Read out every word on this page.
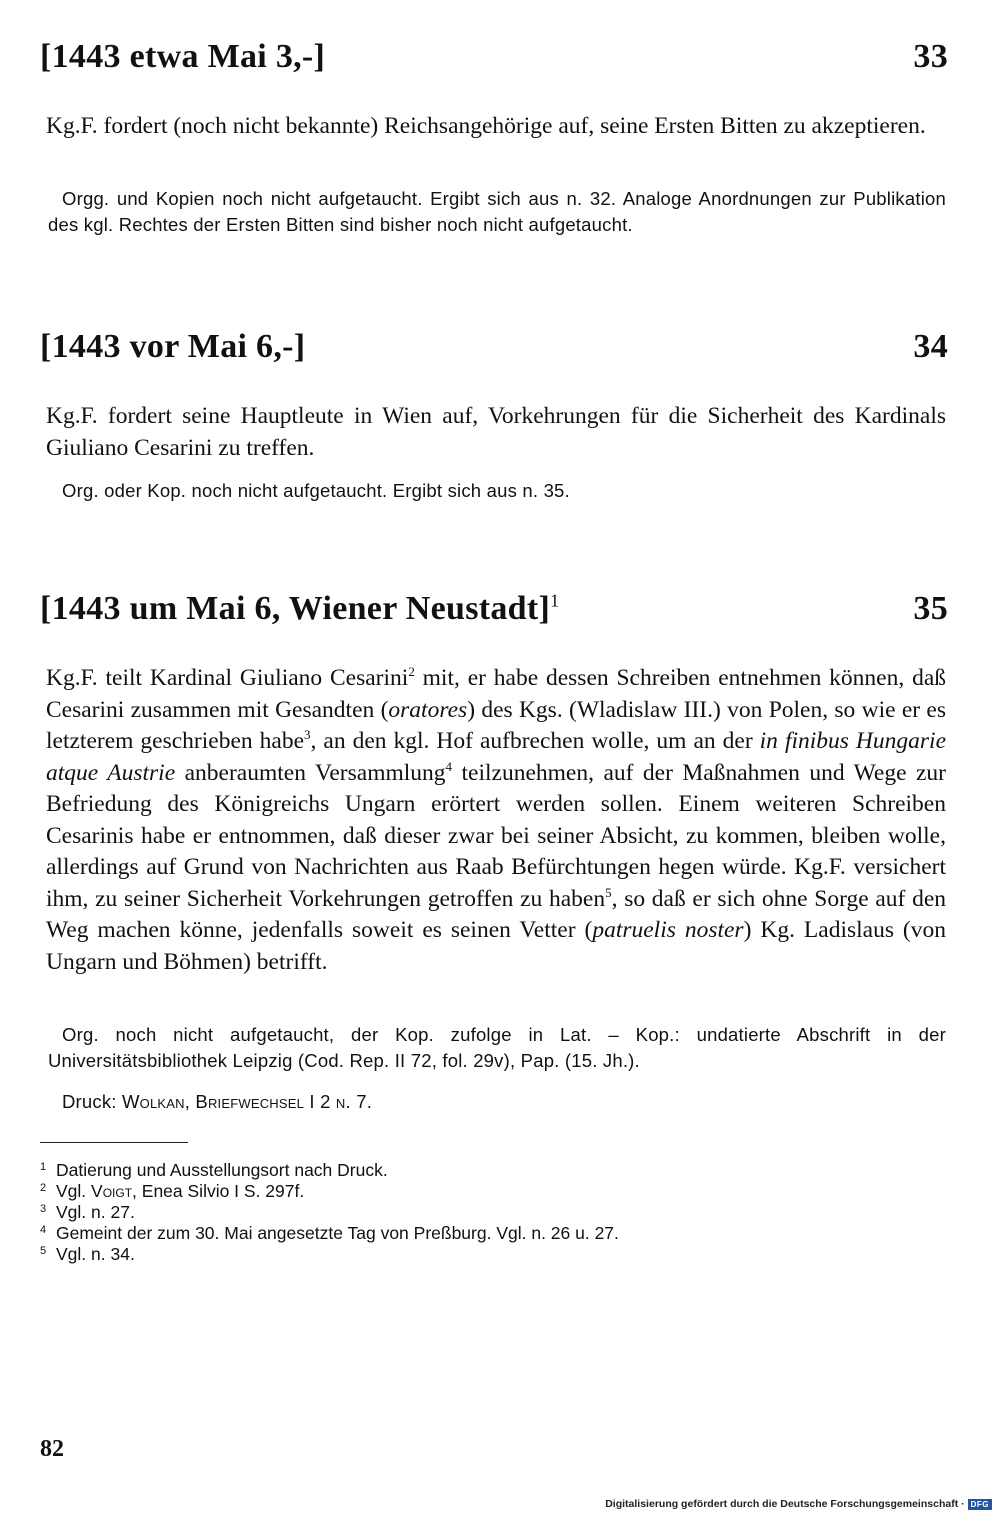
[1443 etwa Mai 3,-]	33
Kg.F. fordert (noch nicht bekannte) Reichsangehörige auf, seine Ersten Bitten zu akzeptieren.
Orgg. und Kopien noch nicht aufgetaucht. Ergibt sich aus n. 32. Analoge Anordnungen zur Publikation des kgl. Rechtes der Ersten Bitten sind bisher noch nicht aufgetaucht.
[1443 vor Mai 6,-]	34
Kg.F. fordert seine Hauptleute in Wien auf, Vorkehrungen für die Sicherheit des Kardinals Giuliano Cesarini zu treffen.
Org. oder Kop. noch nicht aufgetaucht. Ergibt sich aus n. 35.
[1443 um Mai 6, Wiener Neustadt]$^1$	35
Kg.F. teilt Kardinal Giuliano Cesarini$^2$ mit, er habe dessen Schreiben entnehmen können, daß Cesarini zusammen mit Gesandten (oratores) des Kgs. (Wladislaw III.) von Polen, so wie er es letzterem geschrieben habe$^3$, an den kgl. Hof aufbrechen wolle, um an der in finibus Hungarie atque Austrie anberaumten Versammlung$^4$ teilzunehmen, auf der Maßnahmen und Wege zur Befriedung des Königreichs Ungarn erörtert werden sollen. Einem weiteren Schreiben Cesarinis habe er entnommen, daß dieser zwar bei seiner Absicht, zu kommen, bleiben wolle, allerdings auf Grund von Nachrichten aus Raab Befürchtungen hegen würde. Kg.F. versichert ihm, zu seiner Sicherheit Vorkehrungen getroffen zu haben$^5$, so daß er sich ohne Sorge auf den Weg machen könne, jedenfalls soweit es seinen Vetter (patruelis noster) Kg. Ladislaus (von Ungarn und Böhmen) betrifft.
Org. noch nicht aufgetaucht, der Kop. zufolge in Lat. – Kop.: undatierte Abschrift in der Universitätsbibliothek Leipzig (Cod. Rep. II 72, fol. 29v), Pap. (15. Jh.).
Druck: Wolkan, Briefwechsel I 2 n. 7.
1 Datierung und Ausstellungsort nach Druck.
2 Vgl. Voigt, Enea Silvio I S. 297f.
3 Vgl. n. 27.
4 Gemeint der zum 30. Mai angesetzte Tag von Preßburg. Vgl. n. 26 u. 27.
5 Vgl. n. 34.
82
Digitalisierung gefördert durch die Deutsche Forschungsgemeinschaft · DFG
